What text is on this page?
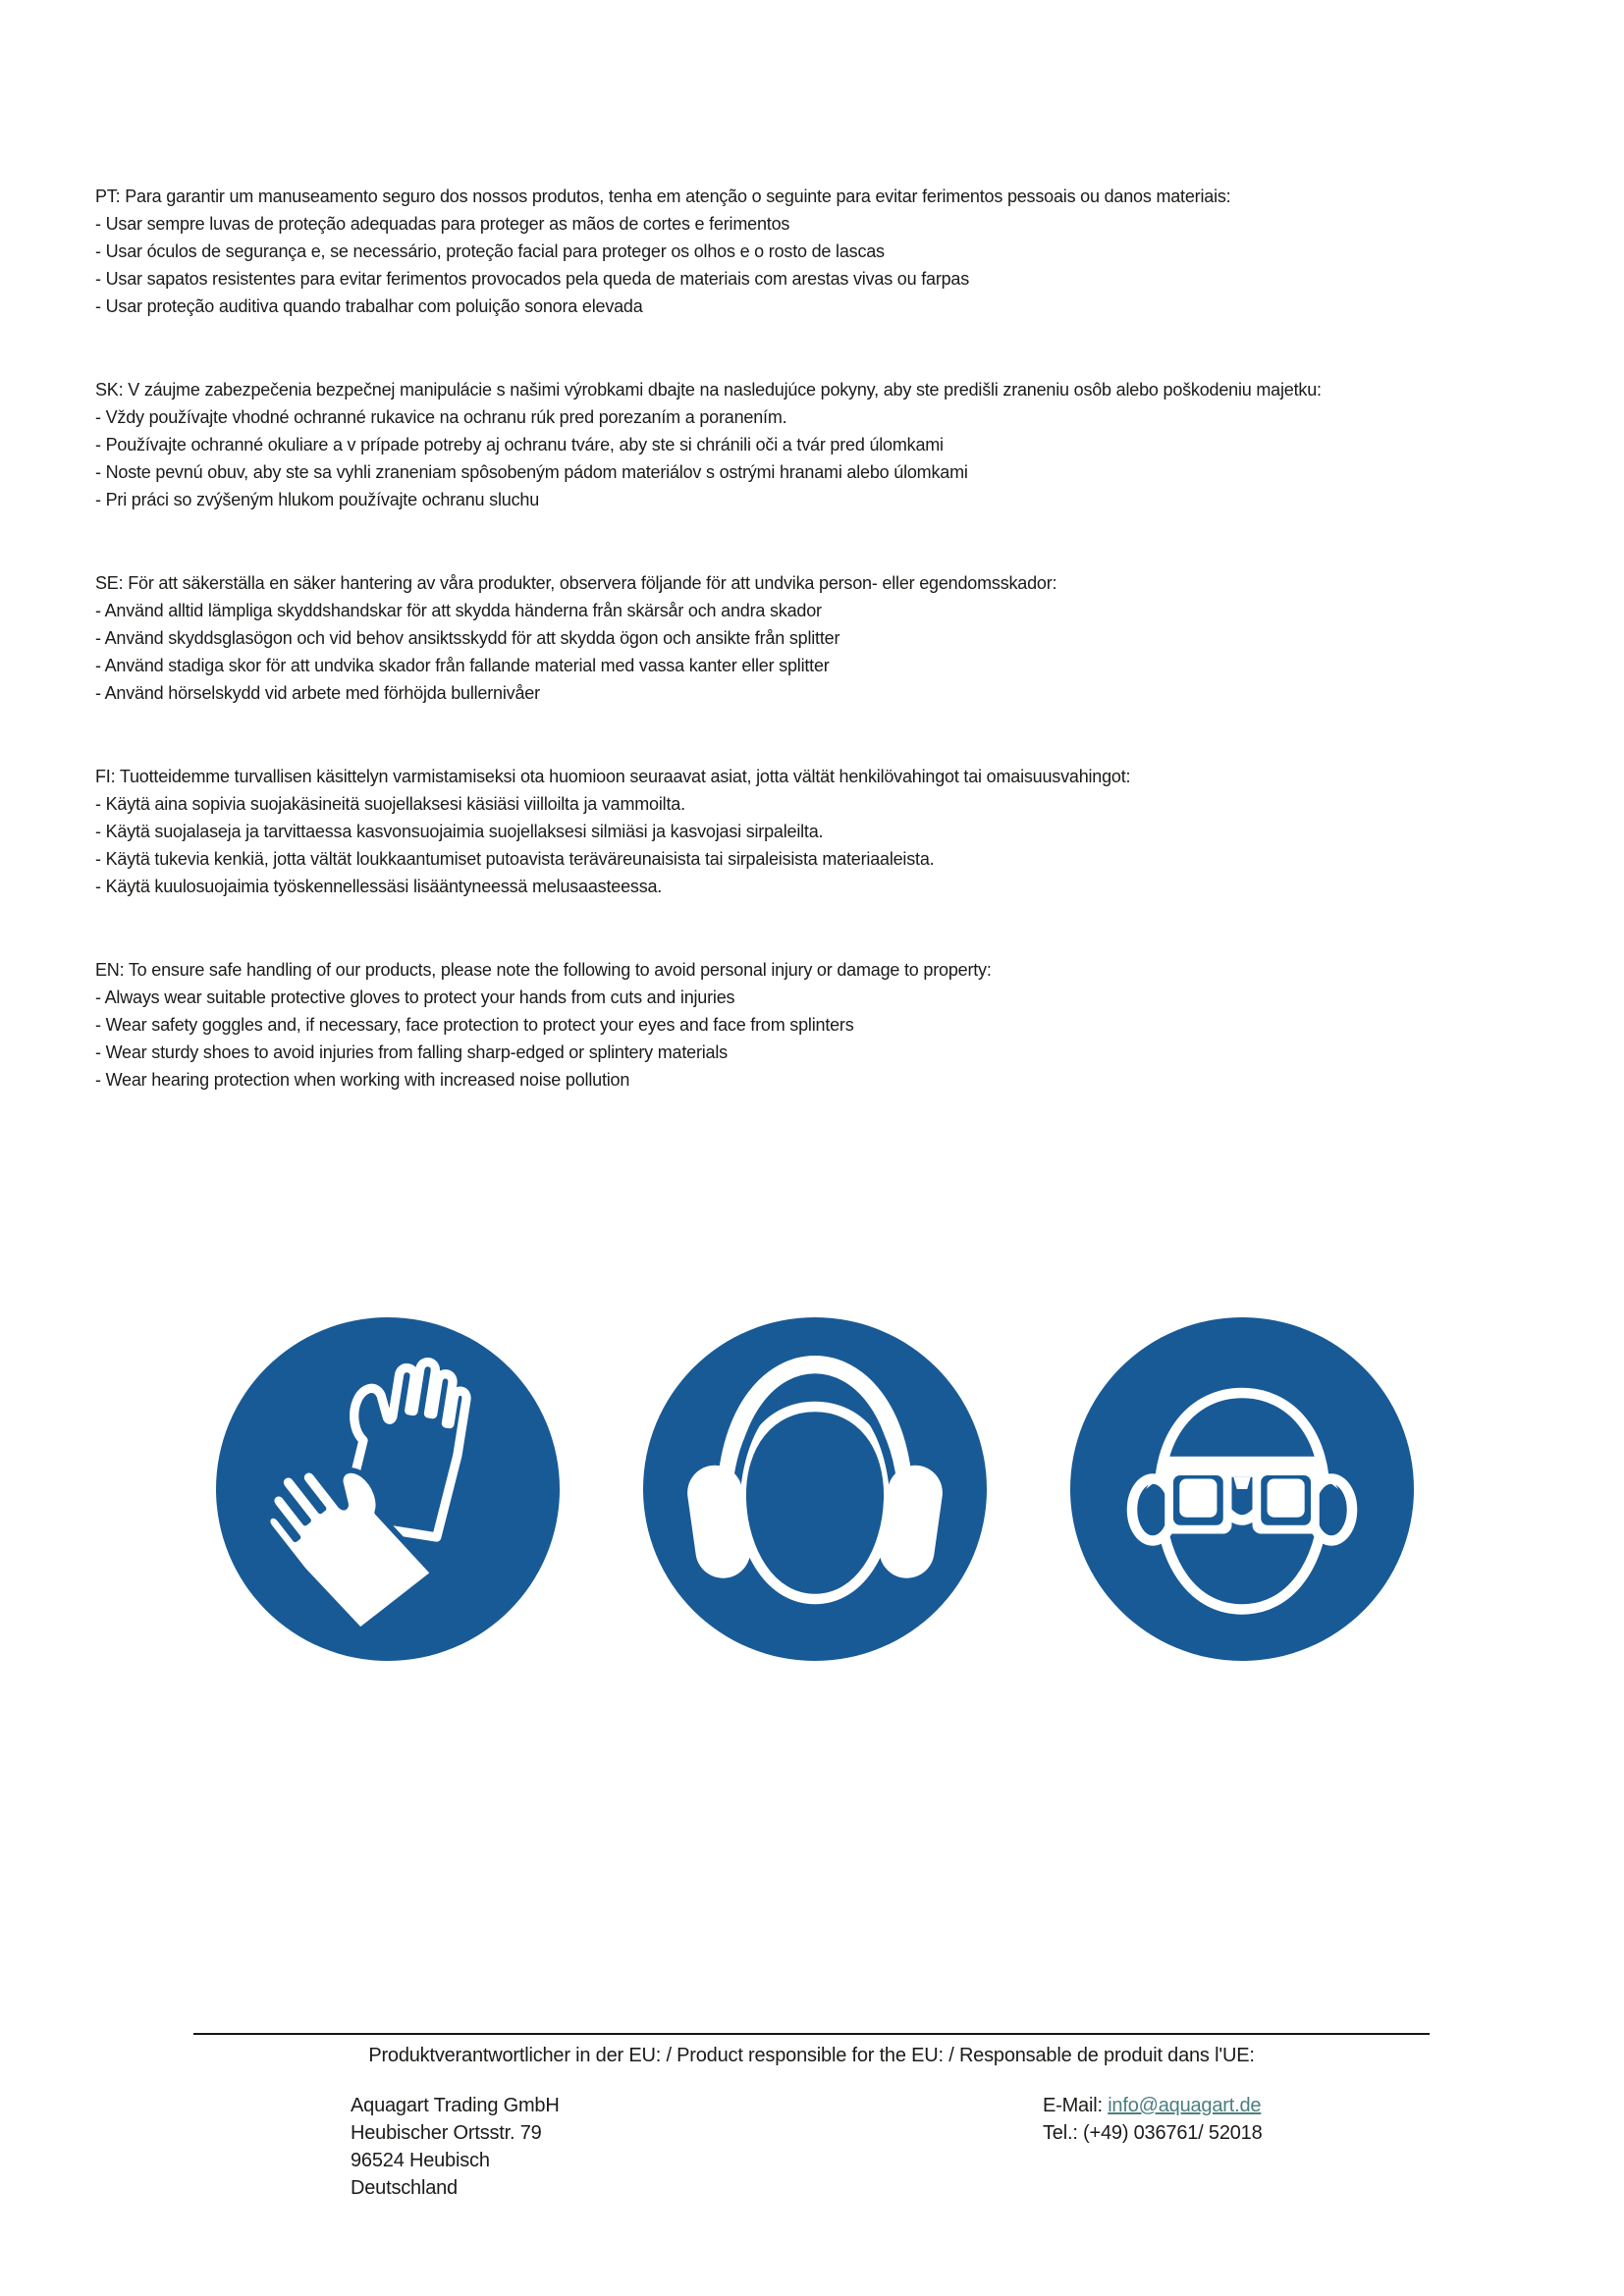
PT: Para garantir um manuseamento seguro dos nossos produtos, tenha em atenção o seguinte para evitar ferimentos pessoais ou danos materiais:
- Usar sempre luvas de proteção adequadas para proteger as mãos de cortes e ferimentos
- Usar óculos de segurança e, se necessário, proteção facial para proteger os olhos e o rosto de lascas
- Usar sapatos resistentes para evitar ferimentos provocados pela queda de materiais com arestas vivas ou farpas
- Usar proteção auditiva quando trabalhar com poluição sonora elevada
SK: V záujme zabezpečenia bezpečnej manipulácie s našimi výrobkami dbajte na nasledujúce pokyny, aby ste predišli zraneniu osôb alebo poškodeniu majetku:
- Vždy používajte vhodné ochranné rukavice na ochranu rúk pred porezaním a poranením.
- Používajte ochranné okuliare a v prípade potreby aj ochranu tváre, aby ste si chránili oči a tvár pred úlomkami
- Noste pevnú obuv, aby ste sa vyhli zraneniam spôsobeným pádom materiálov s ostrými hranami alebo úlomkami
- Pri práci so zvýšeným hlukom používajte ochranu sluchu
SE: För att säkerställa en säker hantering av våra produkter, observera följande för att undvika person- eller egendomsskador:
- Använd alltid lämpliga skyddshandskar för att skydda händerna från skärsår och andra skador
- Använd skyddsglasögon och vid behov ansiktsskydd för att skydda ögon och ansikte från splitter
- Använd stadiga skor för att undvika skador från fallande material med vassa kanter eller splitter
- Använd hörselskydd vid arbete med förhöjda bullernivåer
FI: Tuotteidemme turvallisen käsittelyn varmistamiseksi ota huomioon seuraavat asiat, jotta vältät henkilövahingot tai omaisuusvahingot:
- Käytä aina sopivia suojakäsineitä suojellaksesi käsiäsi viilloilta ja vammoilta.
- Käytä suojalaseja ja tarvittaessa kasvonsuojaimia suojellaksesi silmiäsi ja kasvojasi sirpaleilta.
- Käytä tukevia kenkiä, jotta vältät loukkaantumiset putoavista teräväreunaisista tai sirpaleisista materiaaleista.
- Käytä kuulosuojaimia työskennellessäsi lisääntyneessä melusaasteessa.
EN: To ensure safe handling of our products, please note the following to avoid personal injury or damage to property:
- Always wear suitable protective gloves to protect your hands from cuts and injuries
- Wear safety goggles and, if necessary, face protection to protect your eyes and face from splinters
- Wear sturdy shoes to avoid injuries from falling sharp-edged or splintery materials
- Wear hearing protection when working with increased noise pollution
Produktverantwortlicher in der EU: / Product responsible for the EU: / Responsable de produit dans l'UE:
Aquagart Trading GmbH
Heubischer Ortsstr. 79
96524 Heubisch
Deutschland
E-Mail: info@aquagart.de
Tel.: (+49) 036761/ 52018
